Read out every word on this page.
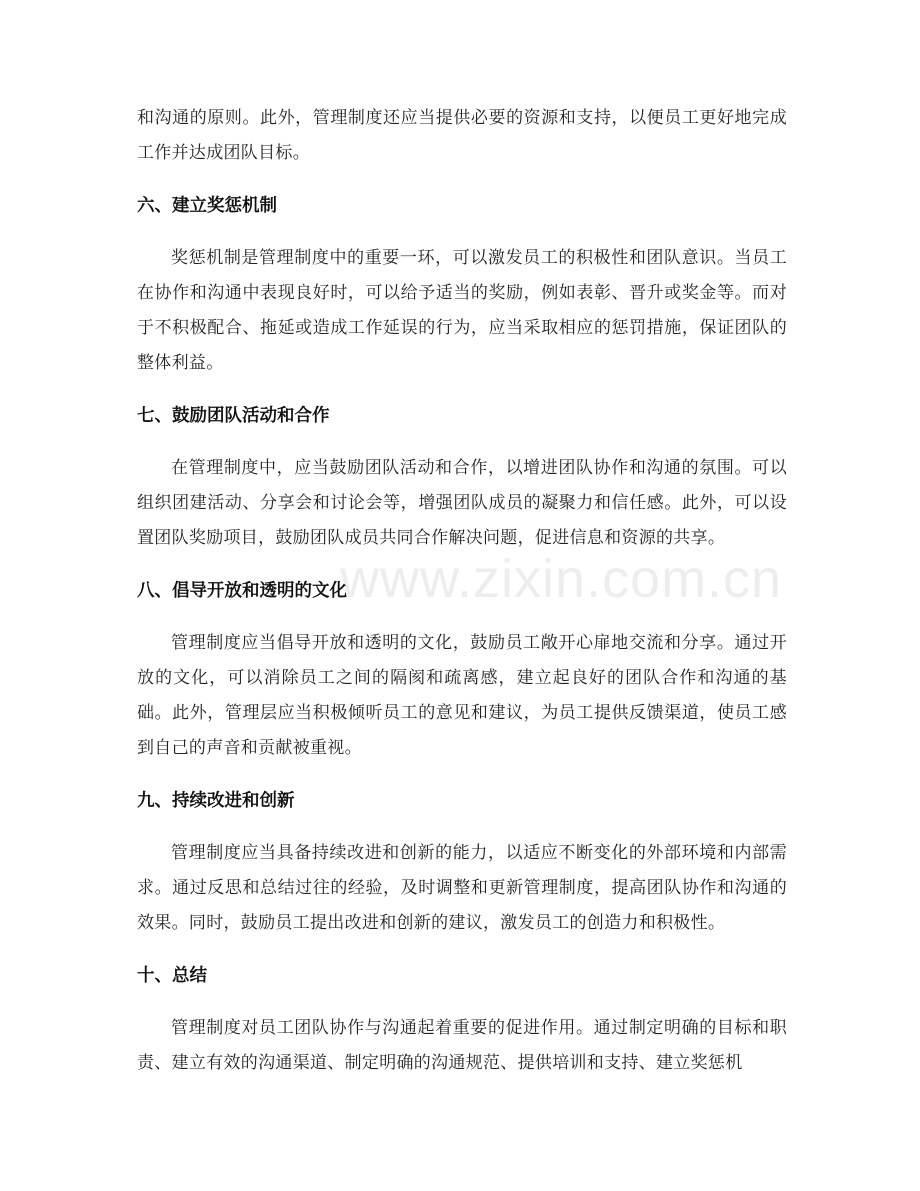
和沟通的原则。此外，管理制度还应当提供必要的资源和支持，以便员工更好地完成工作并达成团队目标。

六、建立奖惩机制

奖惩机制是管理制度中的重要一环，可以激发员工的积极性和团队意识。当员工在协作和沟通中表现良好时，可以给予适当的奖励，例如表彰、晋升或奖金等。而对于不积极配合、拖延或造成工作延误的行为，应当采取相应的惩罚措施，保证团队的整体利益。

七、鼓励团队活动和合作

在管理制度中，应当鼓励团队活动和合作，以增进团队协作和沟通的氛围。可以组织团建活动、分享会和讨论会等，增强团队成员的凝聚力和信任感。此外，可以设置团队奖励项目，鼓励团队成员共同合作解决问题，促进信息和资源的共享。

八、倡导开放和透明的文化

管理制度应当倡导开放和透明的文化，鼓励员工敞开心扉地交流和分享。通过开放的文化，可以消除员工之间的隔阂和疏离感，建立起良好的团队合作和沟通的基础。此外，管理层应当积极倾听员工的意见和建议，为员工提供反馈渠道，使员工感到自己的声音和贡献被重视。

九、持续改进和创新

管理制度应当具备持续改进和创新的能力，以适应不断变化的外部环境和内部需求。通过反思和总结过往的经验，及时调整和更新管理制度，提高团队协作和沟通的效果。同时，鼓励员工提出改进和创新的建议，激发员工的创造力和积极性。

十、总结

管理制度对员工团队协作与沟通起着重要的促进作用。通过制定明确的目标和职责、建立有效的沟通渠道、制定明确的沟通规范、提供培训和支持、建立奖惩机

www.zixin.com.cn
